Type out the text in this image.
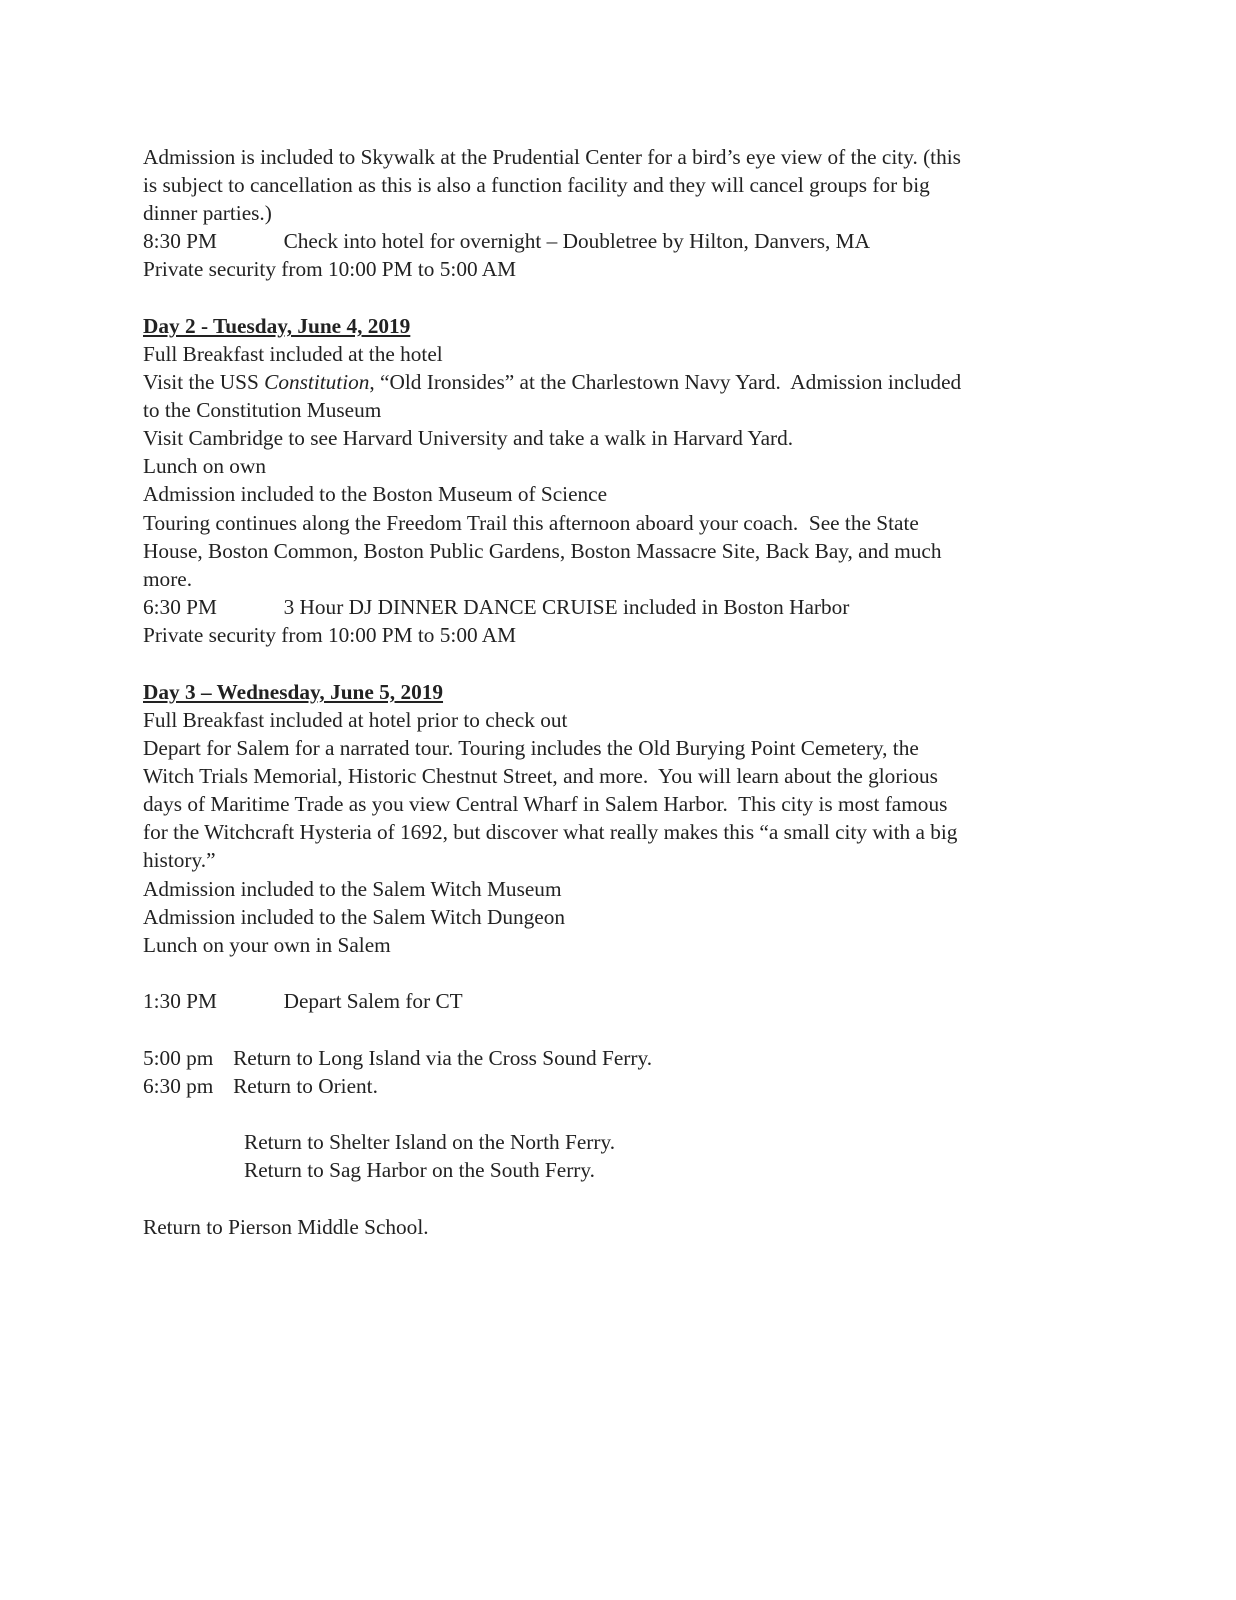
Admission is included to Skywalk at the Prudential Center for a bird’s eye view of the city. (this
is subject to cancellation as this is also a function facility and they will cancel groups for big
dinner parties.)
8:30 PM	Check into hotel for overnight – Doubletree by Hilton, Danvers, MA
Private security from 10:00 PM to 5:00 AM
Day 2 - Tuesday, June 4, 2019
Full Breakfast included at the hotel
Visit the USS Constitution, “Old Ironsides” at the Charlestown Navy Yard.  Admission included
to the Constitution Museum
Visit Cambridge to see Harvard University and take a walk in Harvard Yard.
Lunch on own
Admission included to the Boston Museum of Science
Touring continues along the Freedom Trail this afternoon aboard your coach.  See the State
House, Boston Common, Boston Public Gardens, Boston Massacre Site, Back Bay, and much
more.
6:30 PM	3 Hour DJ DINNER DANCE CRUISE included in Boston Harbor
Private security from 10:00 PM to 5:00 AM
Day 3 – Wednesday, June 5, 2019
Full Breakfast included at hotel prior to check out
Depart for Salem for a narrated tour. Touring includes the Old Burying Point Cemetery, the
Witch Trials Memorial, Historic Chestnut Street, and more.  You will learn about the glorious
days of Maritime Trade as you view Central Wharf in Salem Harbor.  This city is most famous
for the Witchcraft Hysteria of 1692, but discover what really makes this “a small city with a big
history.”
Admission included to the Salem Witch Museum
Admission included to the Salem Witch Dungeon
Lunch on your own in Salem
1:30 PM	Depart Salem for CT
5:00 pm Return to Long Island via the Cross Sound Ferry.
6:30 pm Return to Orient.
Return to Shelter Island on the North Ferry.
Return to Sag Harbor on the South Ferry.
Return to Pierson Middle School.
